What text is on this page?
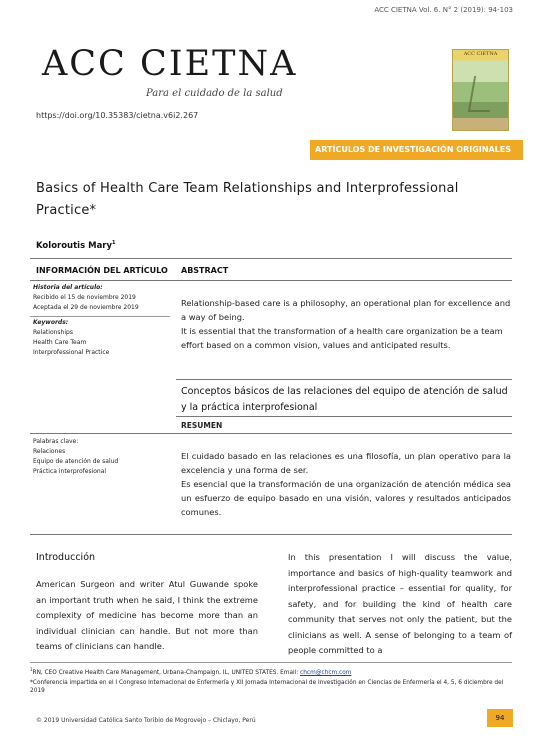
ACC CIETNA Vol. 6. N° 2 (2019): 94-103
ACC CIETNA
Para el cuidado de la salud
https://doi.org/10.35383/cietna.v6i2.267
ACC CIETNA
ARTÍCULOS DE INVESTIGACIÓN ORIGINALES
Basics of Health Care Team Relationships and Interprofessional Practice*
Koloroutis Mary$^1$
INFORMACIÓN DEL ARTÍCULO ABSTRACT
Historia del artículo:
Recibido el 15 de noviembre 2019
Aceptada el 29 de noviembre 2019
Keywords:
Relationships
Health Care Team
Interprofessional Practice
Relationship-based care is a philosophy, an operational plan for excellence and a way of being.
It is essential that the transformation of a health care organization be a team effort based on a common vision, values and anticipated results.
Conceptos básicos de las relaciones del equipo de atención de salud y la práctica interprofesional
RESUMEN
Palabras clave:
Relaciones
Equipo de atención de salud
Práctica interprofesional
El cuidado basado en las relaciones es una filosofía, un plan operativo para la excelencia y una forma de ser.
Es esencial que la transformación de una organización de atención médica sea un esfuerzo de equipo basado en una visión, valores y resultados anticipados comunes.
Introducción
American Surgeon and writer Atul Guwande spoke an important truth when he said, I think the extreme complexity of medicine has become more than an individual clinician can handle. But not more than teams of clinicians can handle.
In this presentation I will discuss the value, importance and basics of high-quality teamwork and interprofessional practice – essential for quality, for safety, and for building the kind of health care community that serves not only the patient, but the clinicians as well. A sense of belonging to a team of people committed to a
$^1$RN, CEO Creative Health Care Management, Urbana-Champaign, IL, UNITED STATES. Email: chcm@chcm.com
*Conferencia impartida en el I Congreso Internacional de Enfermería y XII Jornada Internacional de Investigación en Ciencias de Enfermería el 4, 5, 6 diciembre del 2019
© 2019 Universidad Católica Santo Toribio de Mogrovejo – Chiclayo, Perú	94
